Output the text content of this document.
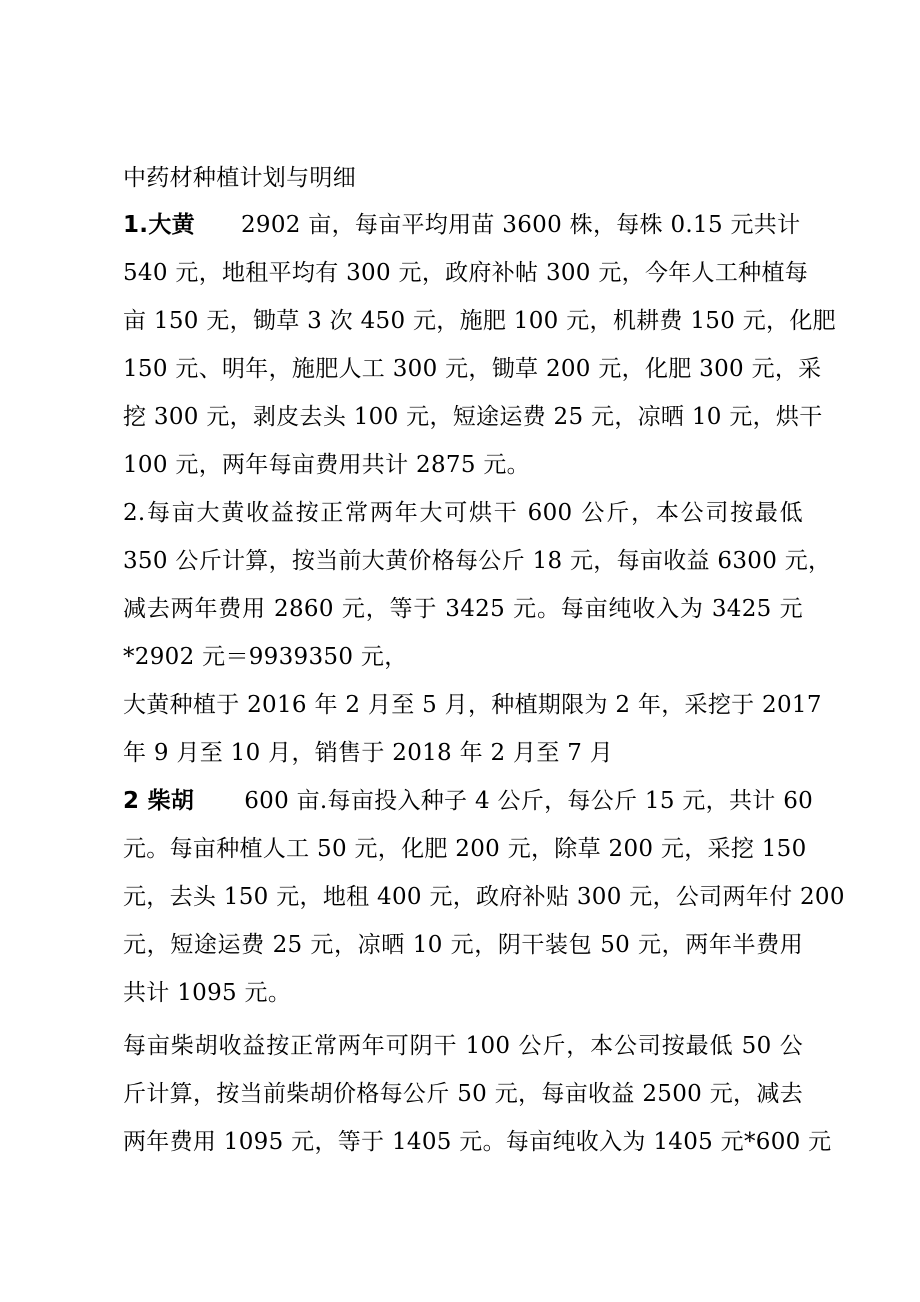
中药材种植计划与明细
1.大黄 2902 亩，每亩平均用苗 3600 株，每株 0.15 元共计
540 元，地租平均有 300 元，政府补帖 300 元，今年人工种植每
亩 150 无，锄草 3 次 450 元，施肥 100 元，机耕费 150 元，化肥
150 元、明年，施肥人工 300 元，锄草 200 元，化肥 300 元，采
挖 300 元，剥皮去头 100 元，短途运费 25 元，凉晒 10 元，烘干
100 元，两年每亩费用共计 2875 元。
2.每亩大黄收益按正常两年大可烘干 600 公斤，本公司按最低
350 公斤计算，按当前大黄价格每公斤 18 元，每亩收益 6300 元，
减去两年费用 2860 元，等于 3425 元。每亩纯收入为 3425 元
*2902 元＝9939350 元，
大黄种植于 2016 年 2 月至 5 月，种植期限为 2 年，采挖于 2017
年 9 月至 10 月，销售于 2018 年 2 月至 7 月
2 柴胡 600 亩.每亩投入种子 4 公斤，每公斤 15 元，共计 60
元。每亩种植人工 50 元，化肥 200 元，除草 200 元，采挖 150
元，去头 150 元，地租 400 元，政府补贴 300 元，公司两年付 200
元，短途运费 25 元，凉晒 10 元，阴干装包 50 元，两年半费用
共计 1095 元。
每亩柴胡收益按正常两年可阴干 100 公斤，本公司按最低 50 公
斤计算，按当前柴胡价格每公斤 50 元，每亩收益 2500 元，减去
两年费用 1095 元，等于 1405 元。每亩纯收入为 1405 元*600 元
